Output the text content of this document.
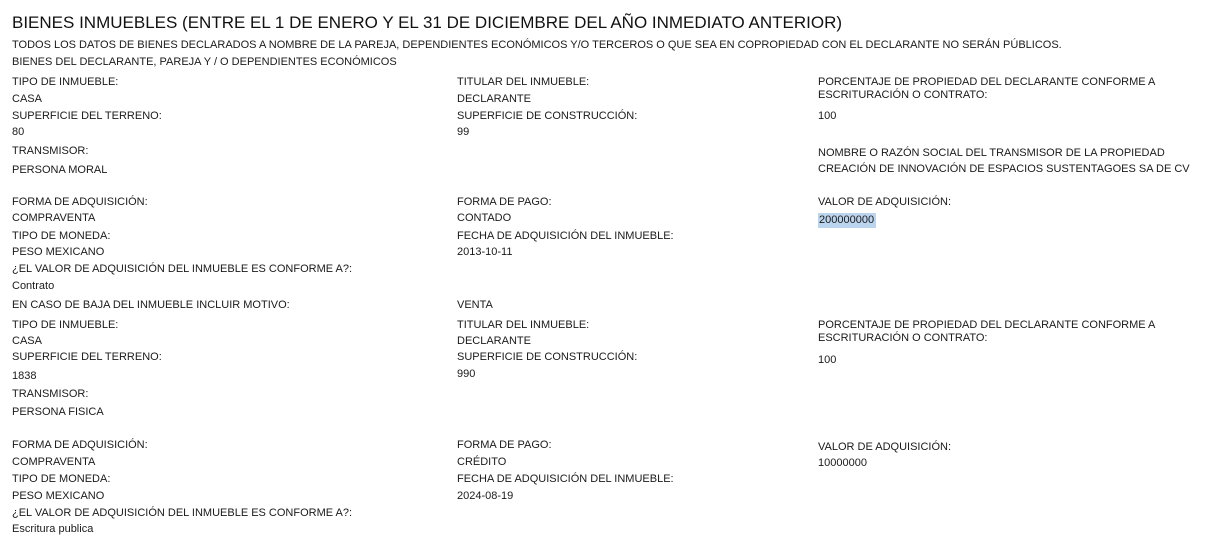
BIENES INMUEBLES (ENTRE EL 1 DE ENERO Y EL 31 DE DICIEMBRE DEL AÑO INMEDIATO ANTERIOR)
TODOS LOS DATOS DE BIENES DECLARADOS A NOMBRE DE LA PAREJA, DEPENDIENTES ECONÓMICOS Y/O TERCEROS O QUE SEA EN COPROPIEDAD CON EL DECLARANTE NO SERÁN PÚBLICOS.
BIENES DEL DECLARANTE, PAREJA Y / O DEPENDIENTES ECONÓMICOS
TIPO DE INMUEBLE:
CASA
TITULAR DEL INMUEBLE:
DECLARANTE
PORCENTAJE DE PROPIEDAD DEL DECLARANTE CONFORME A
ESCRITURACIÓN O CONTRATO:
SUPERFICIE DEL TERRENO:
80
SUPERFICIE DE CONSTRUCCIÓN:
99
100
TRANSMISOR:
PERSONA MORAL
NOMBRE O RAZÓN SOCIAL DEL TRANSMISOR DE LA PROPIEDAD
CREACIÓN DE INNOVACIÓN DE ESPACIOS SUSTENTAGOES SA DE CV
FORMA DE ADQUISICIÓN:
COMPRAVENTA
FORMA DE PAGO:
CONTADO
VALOR DE ADQUISICIÓN:
200000000
TIPO DE MONEDA:
PESO MEXICANO
FECHA DE ADQUISICIÓN DEL INMUEBLE:
2013-10-11
¿EL VALOR DE ADQUISICIÓN DEL INMUEBLE ES CONFORME A?:
Contrato
EN CASO DE BAJA DEL INMUEBLE INCLUIR MOTIVO:	VENTA
TIPO DE INMUEBLE:
CASA
TITULAR DEL INMUEBLE:
DECLARANTE
PORCENTAJE DE PROPIEDAD DEL DECLARANTE CONFORME A
ESCRITURACIÓN O CONTRATO:
SUPERFICIE DEL TERRENO:
1838
SUPERFICIE DE CONSTRUCCIÓN:
990
100
TRANSMISOR:
PERSONA FISICA
FORMA DE ADQUISICIÓN:
COMPRAVENTA
FORMA DE PAGO:
CRÉDITO
VALOR DE ADQUISICIÓN:
10000000
TIPO DE MONEDA:
PESO MEXICANO
FECHA DE ADQUISICIÓN DEL INMUEBLE:
2024-08-19
¿EL VALOR DE ADQUISICIÓN DEL INMUEBLE ES CONFORME A?:
Escritura publica
